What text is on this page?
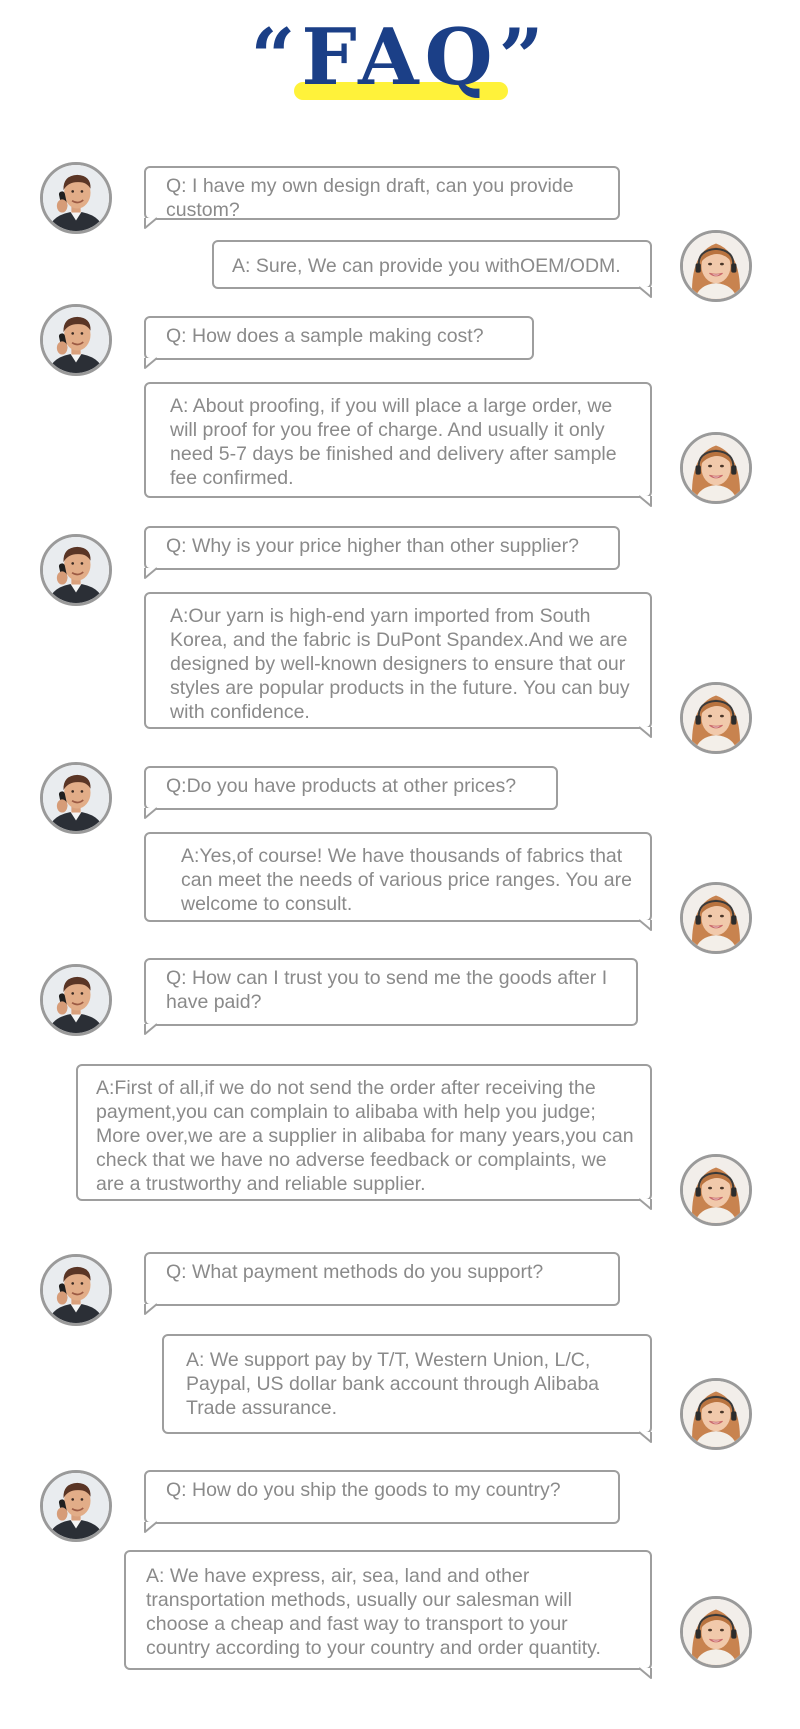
“FAQ”
Q: I have my own design draft, can you provide custom?
A: Sure, We can provide you withOEM/ODM.
Q: How does a sample making cost?
A: About proofing, if you will place a large order, we will proof for you free of charge. And usually it only need 5-7 days be finished and delivery after sample fee confirmed.
Q: Why is your price higher than other supplier?
A:Our yarn is high-end yarn imported from South Korea, and the fabric is DuPont Spandex.And we are designed by well-known designers to ensure that our styles are popular products in the future. You can buy with confidence.
Q:Do you have products at other prices?
A:Yes,of course! We have thousands of fabrics that can meet the needs of various price ranges. You are welcome to consult.
Q: How can I trust you to send me the goods after I have paid?
A:First of all,if we do not send the order after receiving the payment,you can complain to alibaba with help you judge; More over,we are a supplier in alibaba for many years,you can check that we have no adverse feedback or complaints, we are a trustworthy and reliable supplier.
Q: What payment methods do you support?
A: We support pay by T/T, Western Union, L/C, Paypal, US dollar bank account through Alibaba Trade assurance.
Q: How do you ship the goods to my country?
A: We have express, air, sea, land and other transportation methods, usually our salesman will choose a cheap and fast way to transport to your country according to your country and order quantity.
